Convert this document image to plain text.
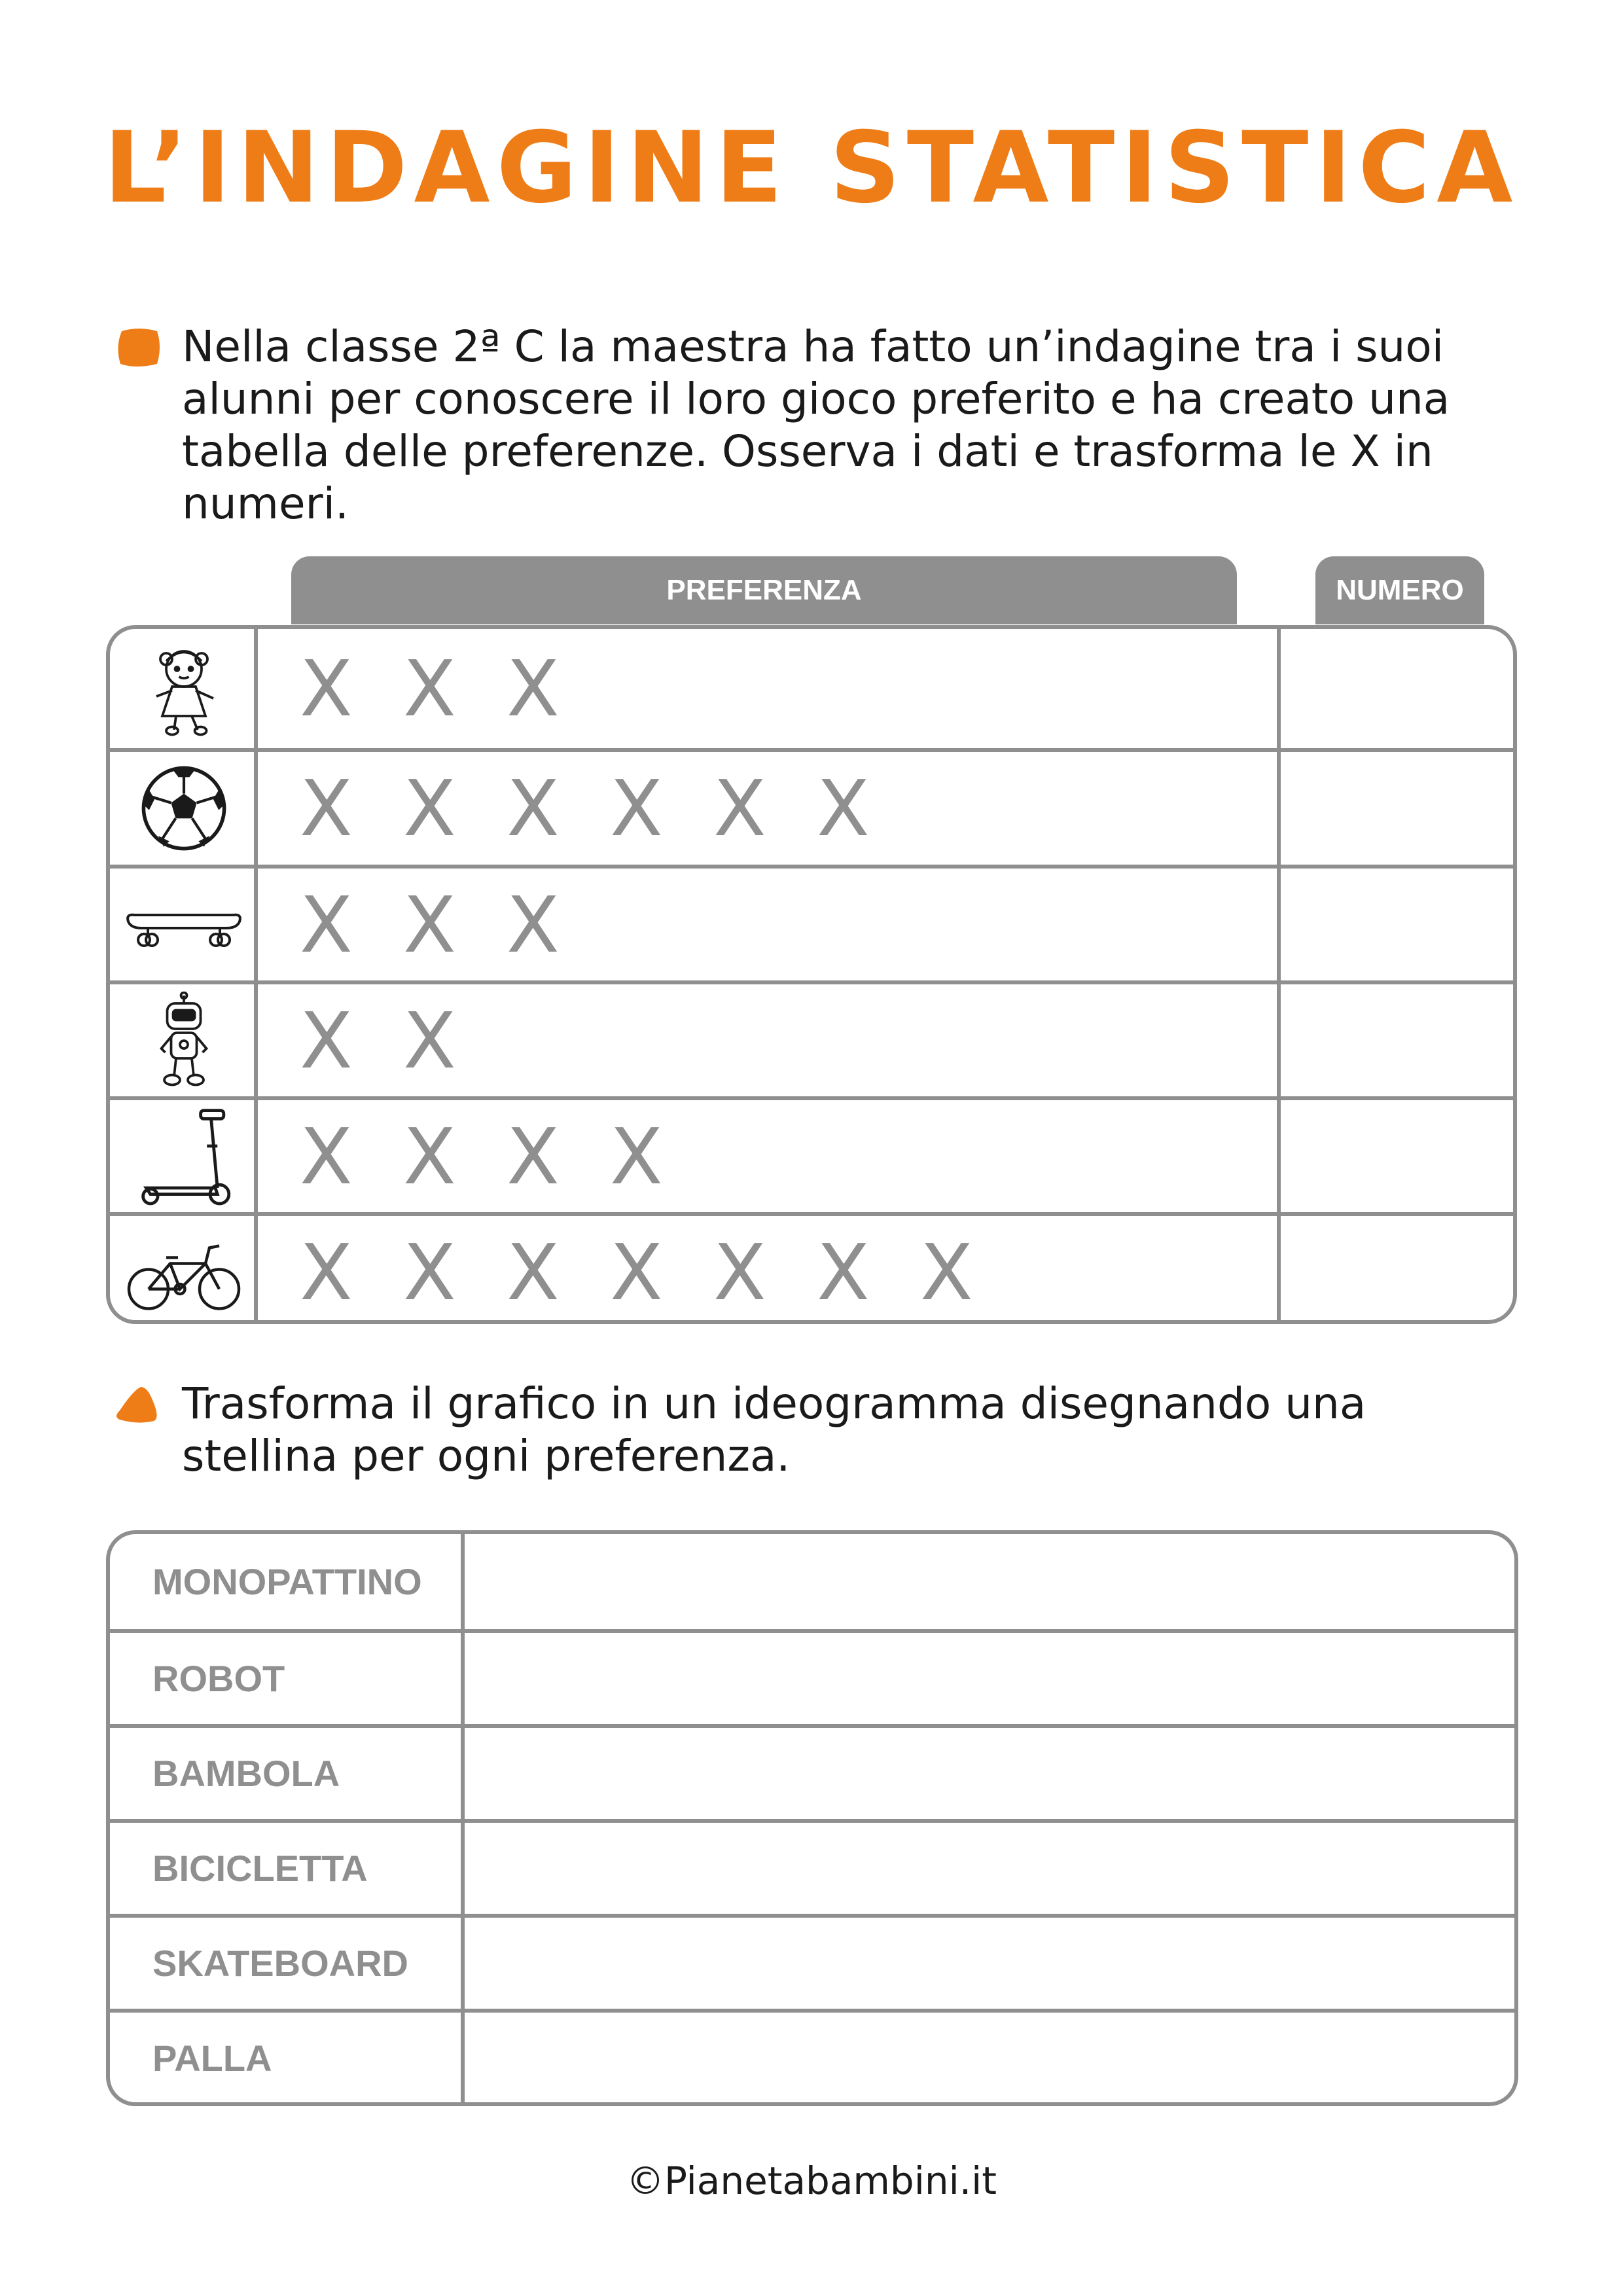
L’INDAGINE STATISTICA
Nella classe 2ª C la maestra ha fatto un’indagine tra i suoi alunni per conoscere il loro gioco preferito e ha creato una tabella delle preferenze. Osserva i dati e trasforma le X in numeri.
PREFERENZA	NUMERO
X X X
X X X X X X
X X X
X X
X X X X
X X X X X X X
Trasforma il grafico in un ideogramma disegnando una stellina per ogni preferenza.
MONOPATTINO
ROBOT
BAMBOLA
BICICLETTA
SKATEBOARD
PALLA
©Pianetabambini.it
